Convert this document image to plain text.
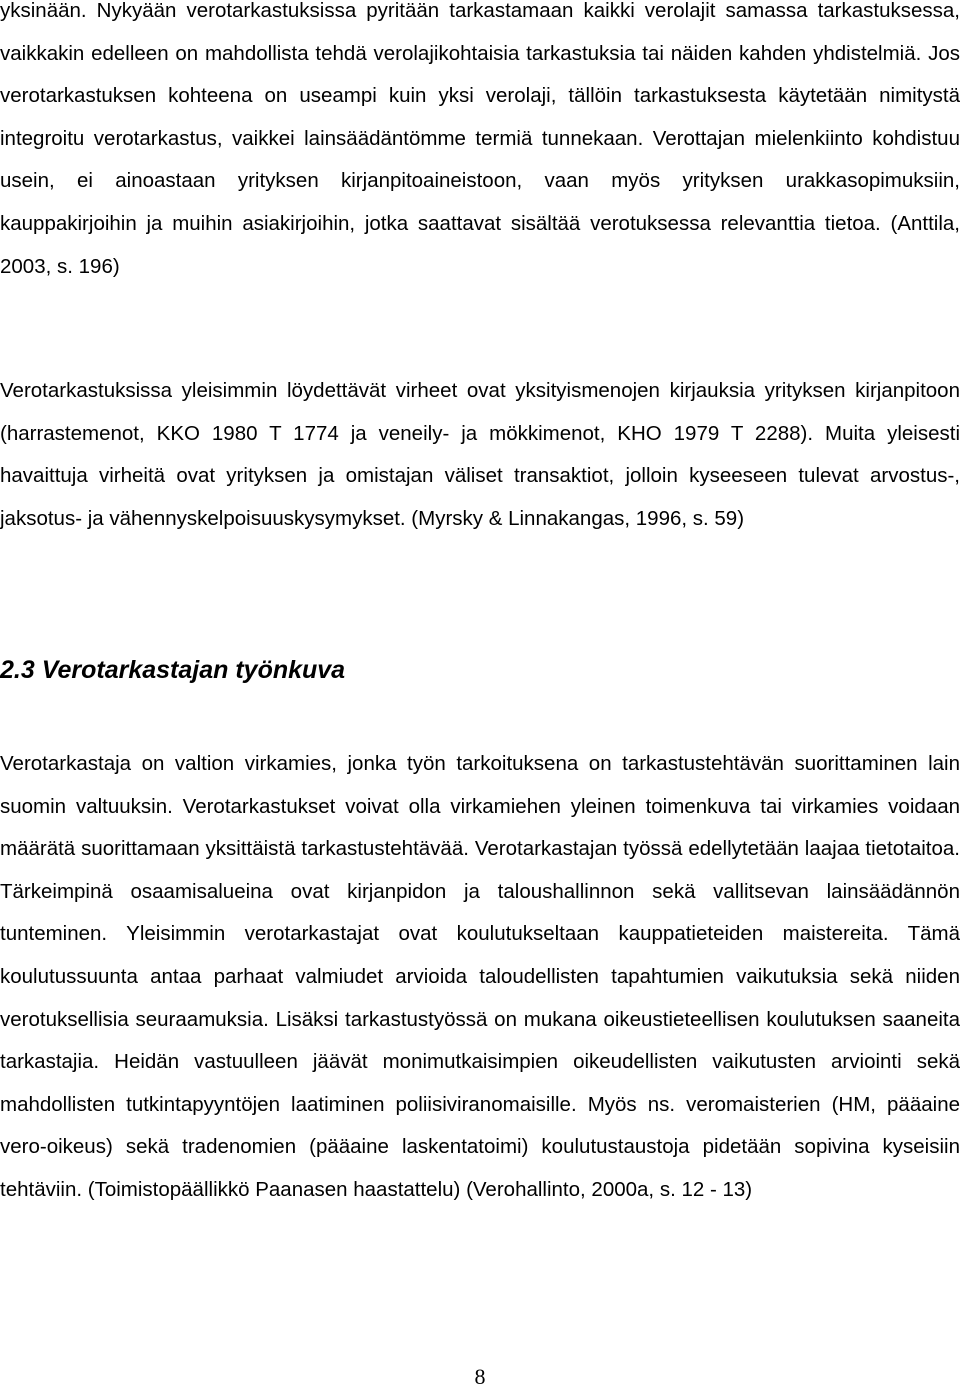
yksinään. Nykyään verotarkastuksissa pyritään tarkastamaan kaikki verolajit samassa tarkastuksessa, vaikkakin edelleen on mahdollista tehdä verolajikohtaisia tarkastuksia tai näiden kahden yhdistelmiä. Jos verotarkastuksen kohteena on useampi kuin yksi verolaji, tällöin tarkastuksesta käytetään nimitystä integroitu verotarkastus, vaikkei lainsäädäntömme termiä tunnekaan. Verottajan mielenkiinto kohdistuu usein, ei ainoastaan yrityksen kirjanpitoaineistoon, vaan myös yrityksen urakkasopimuksiin, kauppakirjoihin ja muihin asiakirjoihin, jotka saattavat sisältää verotuksessa relevanttia tietoa. (Anttila, 2003, s. 196)

Verotarkastuksissa yleisimmin löydettävät virheet ovat yksityismenojen kirjauksia yrityksen kirjanpitoon (harrastemenot, KKO 1980 T 1774 ja veneily- ja mökkimenot, KHO 1979 T 2288). Muita yleisesti havaittuja virheitä ovat yrityksen ja omistajan väliset transaktiot, jolloin kyseeseen tulevat arvostus-, jaksotus- ja vähennyskelpoisuuskysymykset. (Myrsky & Linnakangas, 1996, s. 59)

2.3 Verotarkastajan työnkuva

Verotarkastaja on valtion virkamies, jonka työn tarkoituksena on tarkastustehtävän suorittaminen lain suomin valtuuksin. Verotarkastukset voivat olla virkamiehen yleinen toimenkuva tai virkamies voidaan määrätä suorittamaan yksittäistä tarkastustehtävää. Verotarkastajan työssä edellytetään laajaa tietotaitoa. Tärkeimpinä osaamisalueina ovat kirjanpidon ja taloushallinnon sekä vallitsevan lainsäädännön tunteminen. Yleisimmin verotarkastajat ovat koulutukseltaan kauppatieteiden maistereita. Tämä koulutussuunta antaa parhaat valmiudet arvioida taloudellisten tapahtumien vaikutuksia sekä niiden verotuksellisia seuraamuksia. Lisäksi tarkastustyössä on mukana oikeustieteellisen koulutuksen saaneita tarkastajia. Heidän vastuulleen jäävät monimutkaisimpien oikeudellisten vaikutusten arviointi sekä mahdollisten tutkintapyyntöjen laatiminen poliisiviranomaisille. Myös ns. veromaisterien (HM, pääaine vero-oikeus) sekä tradenomien (pääaine laskentatoimi) koulutustaustoja pidetään sopivina kyseisiin tehtäviin. (Toimistopäällikkö Paanasen haastattelu) (Verohallinto, 2000a, s. 12 - 13)

8
